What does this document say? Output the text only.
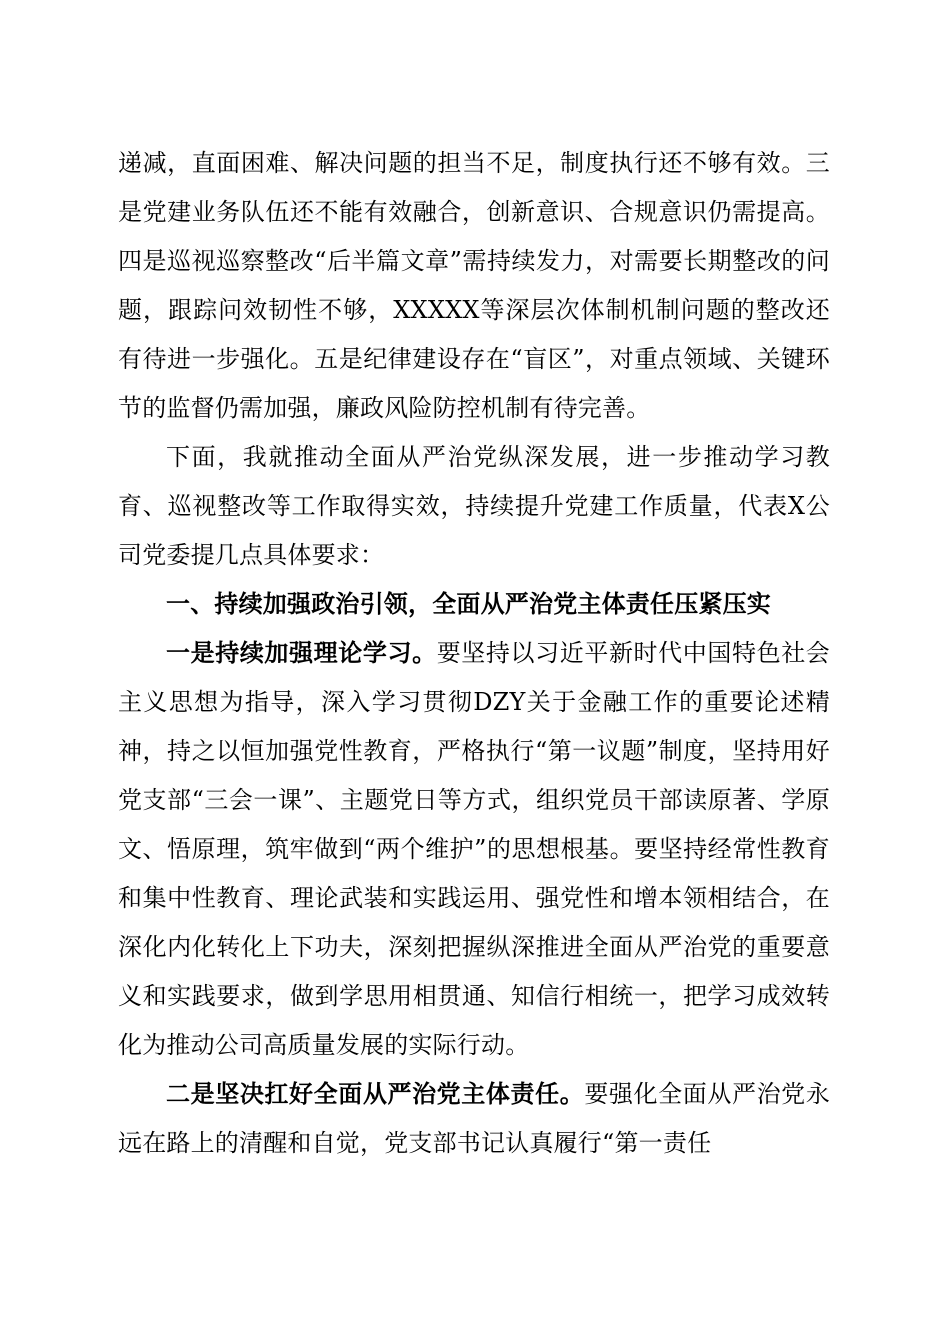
递减，直面困难、解决问题的担当不足，制度执行还不够有效。三是党建业务队伍还不能有效融合，创新意识、合规意识仍需提高。四是巡视巡察整改“后半篇文章”需持续发力，对需要长期整改的问题，跟踪问效韧性不够，XXXXX等深层次体制机制问题的整改还有待进一步强化。五是纪律建设存在“盲区”，对重点领域、关键环节的监督仍需加强，廉政风险防控机制有待完善。

下面，我就推动全面从严治党纵深发展，进一步推动学习教育、巡视整改等工作取得实效，持续提升党建工作质量，代表X公司党委提几点具体要求：

一、持续加强政治引领，全面从严治党主体责任压紧压实

一是持续加强理论学习。要坚持以习近平新时代中国特色社会主义思想为指导，深入学习贯彻DZY关于金融工作的重要论述精神，持之以恒加强党性教育，严格执行“第一议题”制度，坚持用好党支部“三会一课”、主题党日等方式，组织党员干部读原著、学原文、悟原理，筑牢做到“两个维护”的思想根基。要坚持经常性教育和集中性教育、理论武装和实践运用、强党性和增本领相结合，在深化内化转化上下功夫，深刻把握纵深推进全面从严治党的重要意义和实践要求，做到学思用相贯通、知信行相统一，把学习成效转化为推动公司高质量发展的实际行动。

二是坚决扛好全面从严治党主体责任。要强化全面从严治党永远在路上的清醒和自觉，党支部书记认真履行“第一责任
